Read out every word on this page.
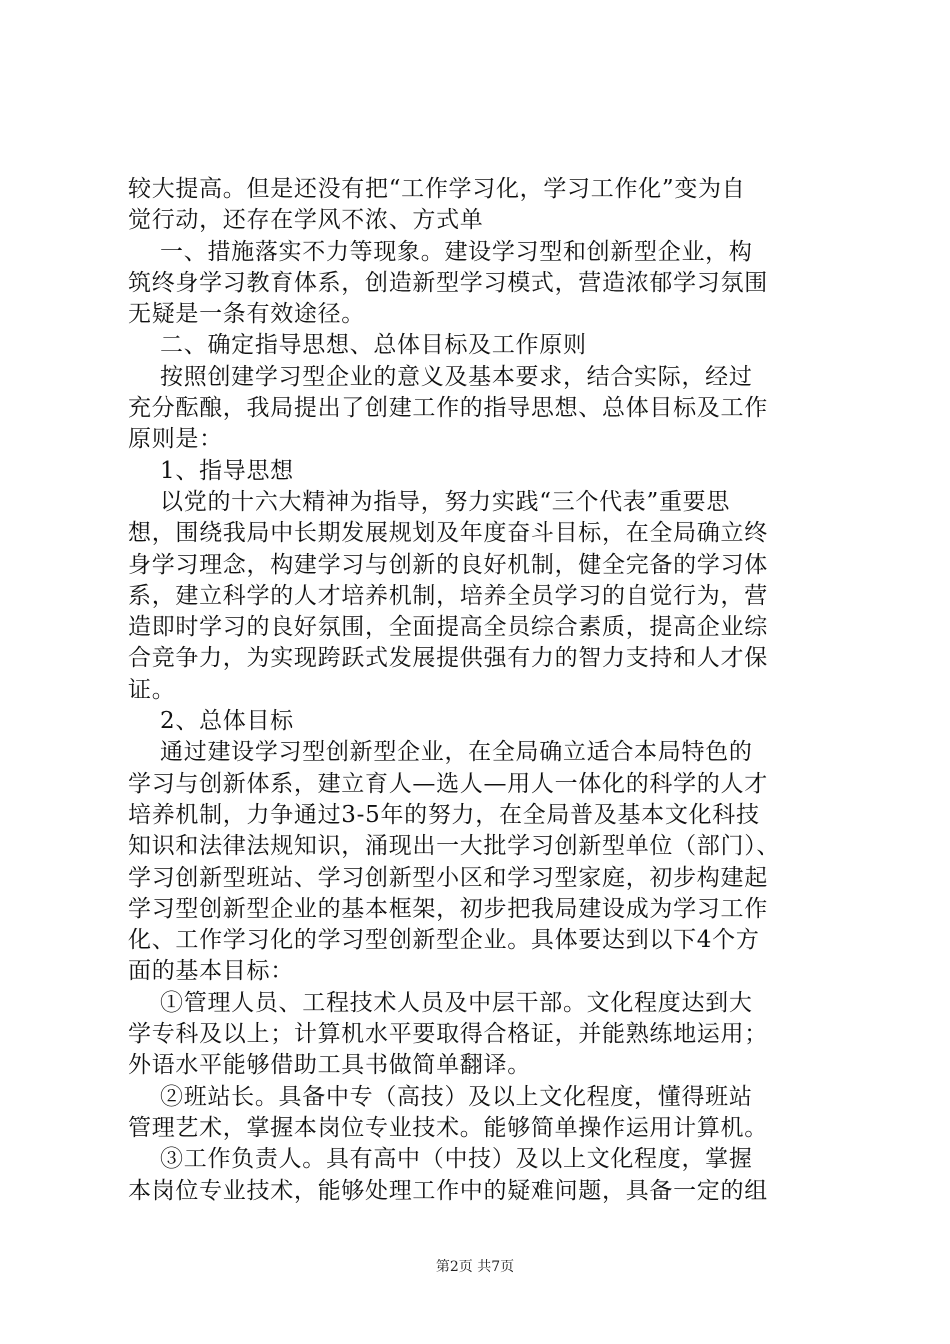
较大提高。但是还没有把“工作学习化，学习工作化”变为自
觉行动，还存在学风不浓、方式单
一、措施落实不力等现象。建设学习型和创新型企业，构
筑终身学习教育体系，创造新型学习模式，营造浓郁学习氛围
无疑是一条有效途径。
二、确定指导思想、总体目标及工作原则
按照创建学习型企业的意义及基本要求，结合实际，经过
充分酝酿，我局提出了创建工作的指导思想、总体目标及工作
原则是：
1、指导思想
以党的十六大精神为指导，努力实践“三个代表”重要思
想，围绕我局中长期发展规划及年度奋斗目标，在全局确立终
身学习理念，构建学习与创新的良好机制，健全完备的学习体
系，建立科学的人才培养机制，培养全员学习的自觉行为，营
造即时学习的良好氛围，全面提高全员综合素质，提高企业综
合竞争力，为实现跨跃式发展提供强有力的智力支持和人才保
证。
2、总体目标
通过建设学习型创新型企业，在全局确立适合本局特色的
学习与创新体系，建立育人—选人—用人一体化的科学的人才
培养机制，力争通过3-5年的努力，在全局普及基本文化科技
知识和法律法规知识，涌现出一大批学习创新型单位（部门）、
学习创新型班站、学习创新型小区和学习型家庭，初步构建起
学习型创新型企业的基本框架，初步把我局建设成为学习工作
化、工作学习化的学习型创新型企业。具体要达到以下4个方
面的基本目标：
①管理人员、工程技术人员及中层干部。文化程度达到大
学专科及以上；计算机水平要取得合格证，并能熟练地运用；
外语水平能够借助工具书做简单翻译。
②班站长。具备中专（高技）及以上文化程度，懂得班站
管理艺术，掌握本岗位专业技术。能够简单操作运用计算机。
③工作负责人。具有高中（中技）及以上文化程度，掌握
本岗位专业技术，能够处理工作中的疑难问题，具备一定的组
第2页 共7页
